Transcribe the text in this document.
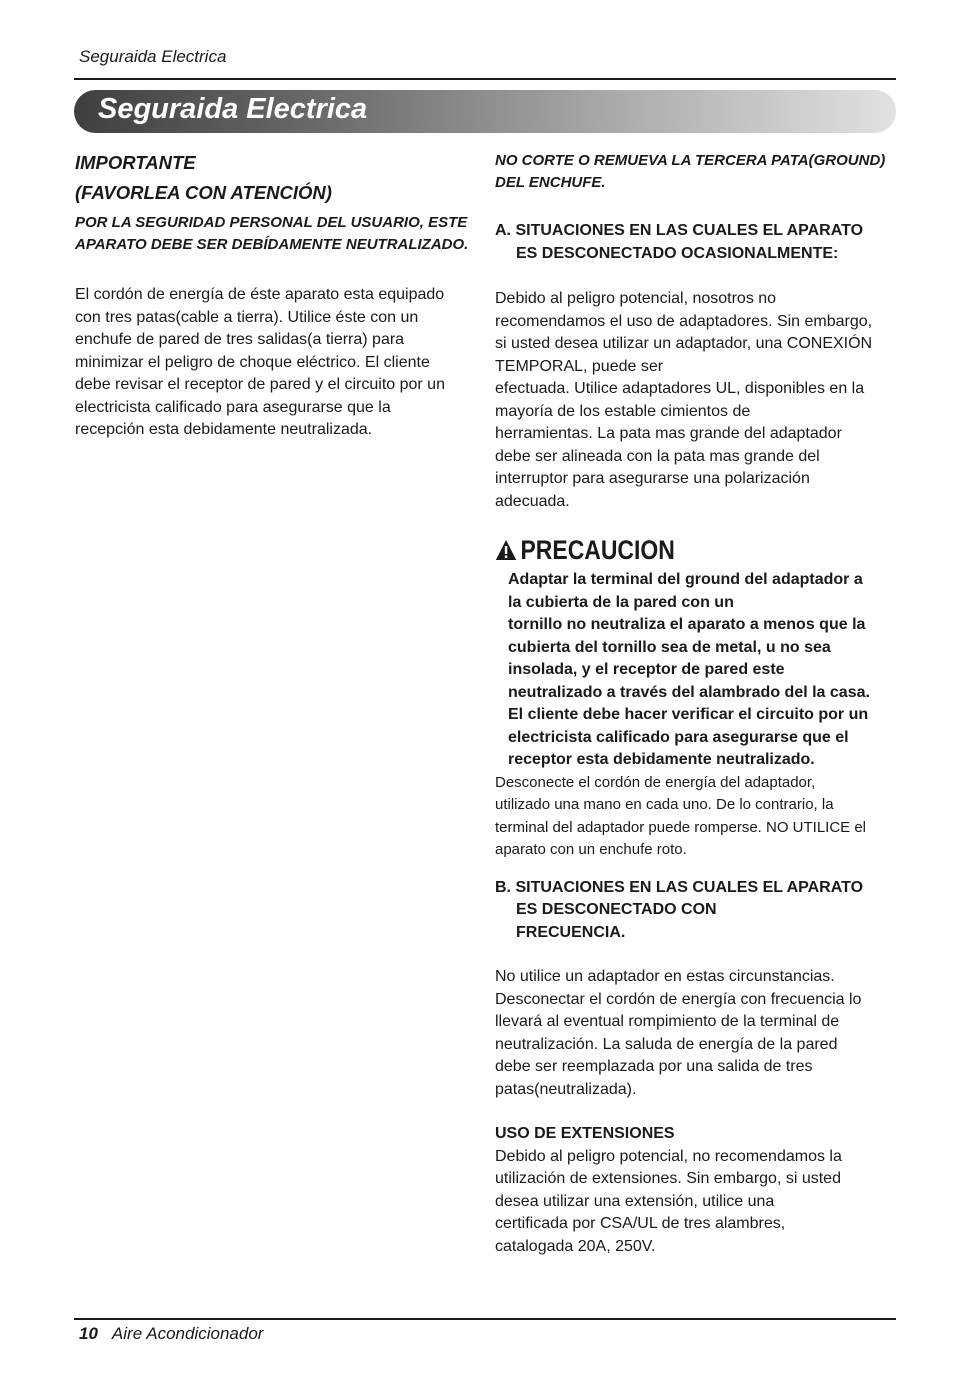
Seguraida Electrica
Seguraida Electrica

IMPORTANTE

(FAVORLEA CON ATENCIÓN)

POR LA SEGURIDAD PERSONAL DEL USUARIO, ESTE
APARATO DEBE SER DEBÍDAMENTE NEUTRALIZADO.

El cordón de energía de éste aparato esta equipado
con tres patas(cable a tierra). Utilice éste con un
enchufe de pared de tres salidas(a tierra) para
minimizar el peligro de choque eléctrico. El cliente
debe revisar el receptor de pared y el circuito por un
electricista calificado para asegurarse que la
recepción esta debidamente neutralizada.

NO CORTE O REMUEVA LA TERCERA PATA(GROUND)
DEL ENCHUFE.

A. SITUACIONES EN LAS CUALES EL APARATO
ES DESCONECTADO OCASIONALMENTE:

Debido al peligro potencial, nosotros no
recomendamos el uso de adaptadores. Sin embargo,
si usted desea utilizar un adaptador, una CONEXIÓN
TEMPORAL, puede ser
efectuada. Utilice adaptadores UL, disponibles en la
mayoría de los estable cimientos de
herramientas. La pata mas grande del adaptador
debe ser alineada con la pata mas grande del
interruptor para asegurarse una polarización
adecuada.

PRECAUCION

Adaptar la terminal del ground del adaptador a
la cubierta de la pared con un
tornillo no neutraliza el aparato a menos que la
cubierta del tornillo sea de metal, u no sea
insolada, y el receptor de pared este
neutralizado a través del alambrado del la casa.
El cliente debe hacer verificar el circuito por un
electricista calificado para asegurarse que el
receptor esta debidamente neutralizado.

Desconecte el cordón de energía del adaptador,
utilizado una mano en cada uno. De lo contrario, la
terminal del adaptador puede romperse. NO UTILICE el
aparato con un enchufe roto.

B. SITUACIONES EN LAS CUALES EL APARATO
ES DESCONECTADO CON
FRECUENCIA.

No utilice un adaptador en estas circunstancias.
Desconectar el cordón de energía con frecuencia lo
llevará al eventual rompimiento de la terminal de
neutralización. La saluda de energía de la pared
debe ser reemplazada por una salida de tres
patas(neutralizada).

USO DE EXTENSIONES

Debido al peligro potencial, no recomendamos la
utilización de extensiones. Sin embargo, si usted
desea utilizar una extensión, utilice una
certificada por CSA/UL de tres alambres,
catalogada 20A, 250V.

10 Aire Acondicionador
